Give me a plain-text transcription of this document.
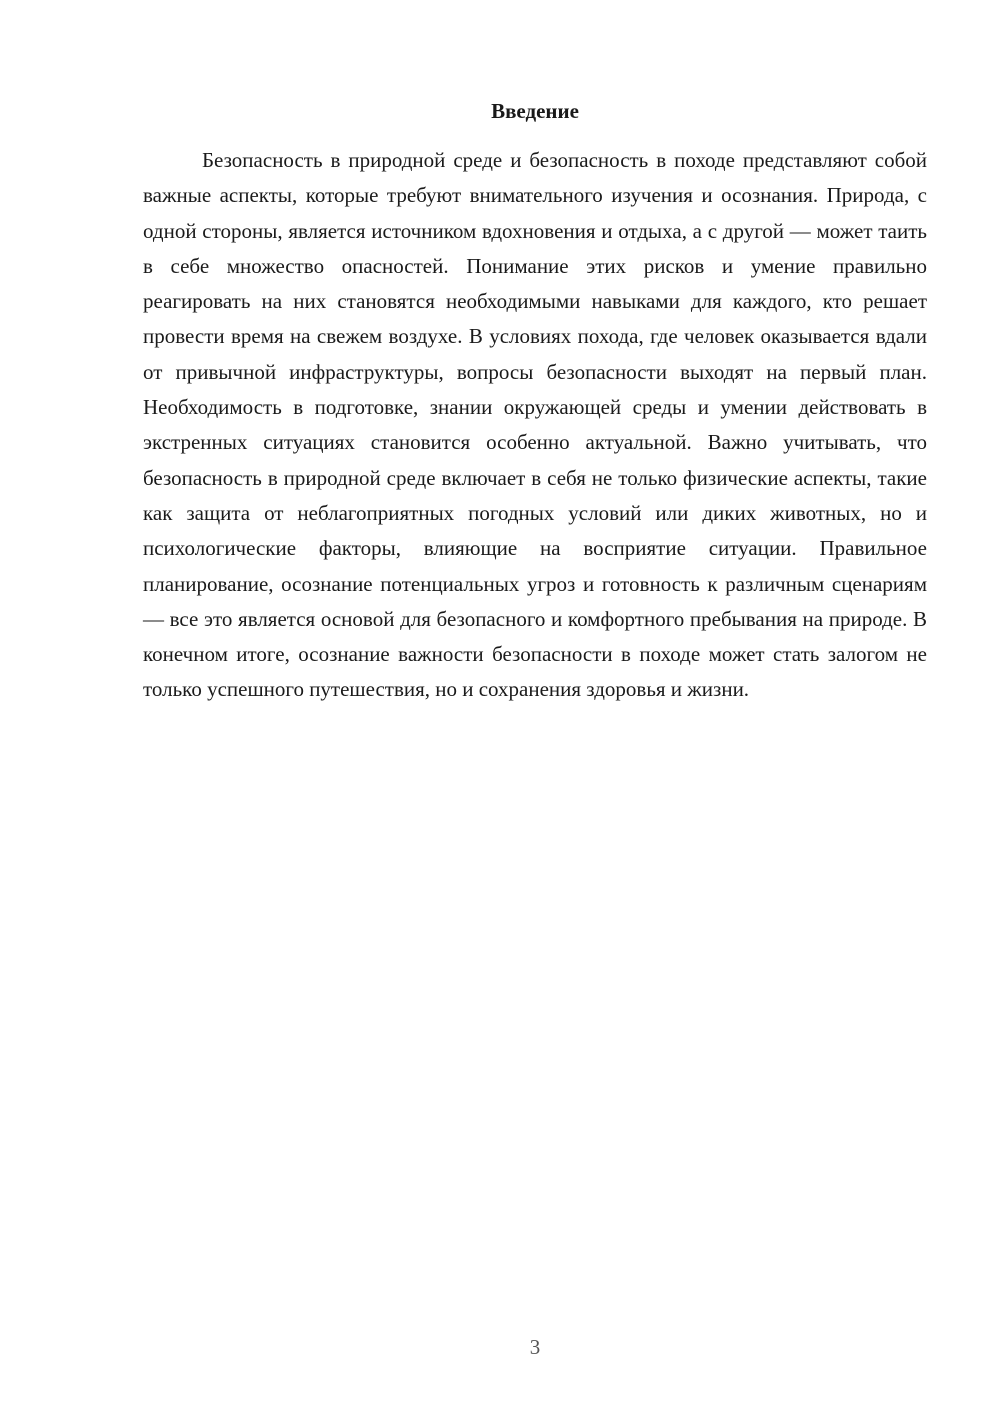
Введение

Безопасность в природной среде и безопасность в походе представляют собой важные аспекты, которые требуют внимательного изучения и осознания. Природа, с одной стороны, является источником вдохновения и отдыха, а с другой — может таить в себе множество опасностей. Понимание этих рисков и умение правильно реагировать на них становятся необходимыми навыками для каждого, кто решает провести время на свежем воздухе. В условиях похода, где человек оказывается вдали от привычной инфраструктуры, вопросы безопасности выходят на первый план. Необходимость в подготовке, знании окружающей среды и умении действовать в экстренных ситуациях становится особенно актуальной. Важно учитывать, что безопасность в природной среде включает в себя не только физические аспекты, такие как защита от неблагоприятных погодных условий или диких животных, но и психологические факторы, влияющие на восприятие ситуации. Правильное планирование, осознание потенциальных угроз и готовность к различным сценариям — все это является основой для безопасного и комфортного пребывания на природе. В конечном итоге, осознание важности безопасности в походе может стать залогом не только успешного путешествия, но и сохранения здоровья и жизни.

3
